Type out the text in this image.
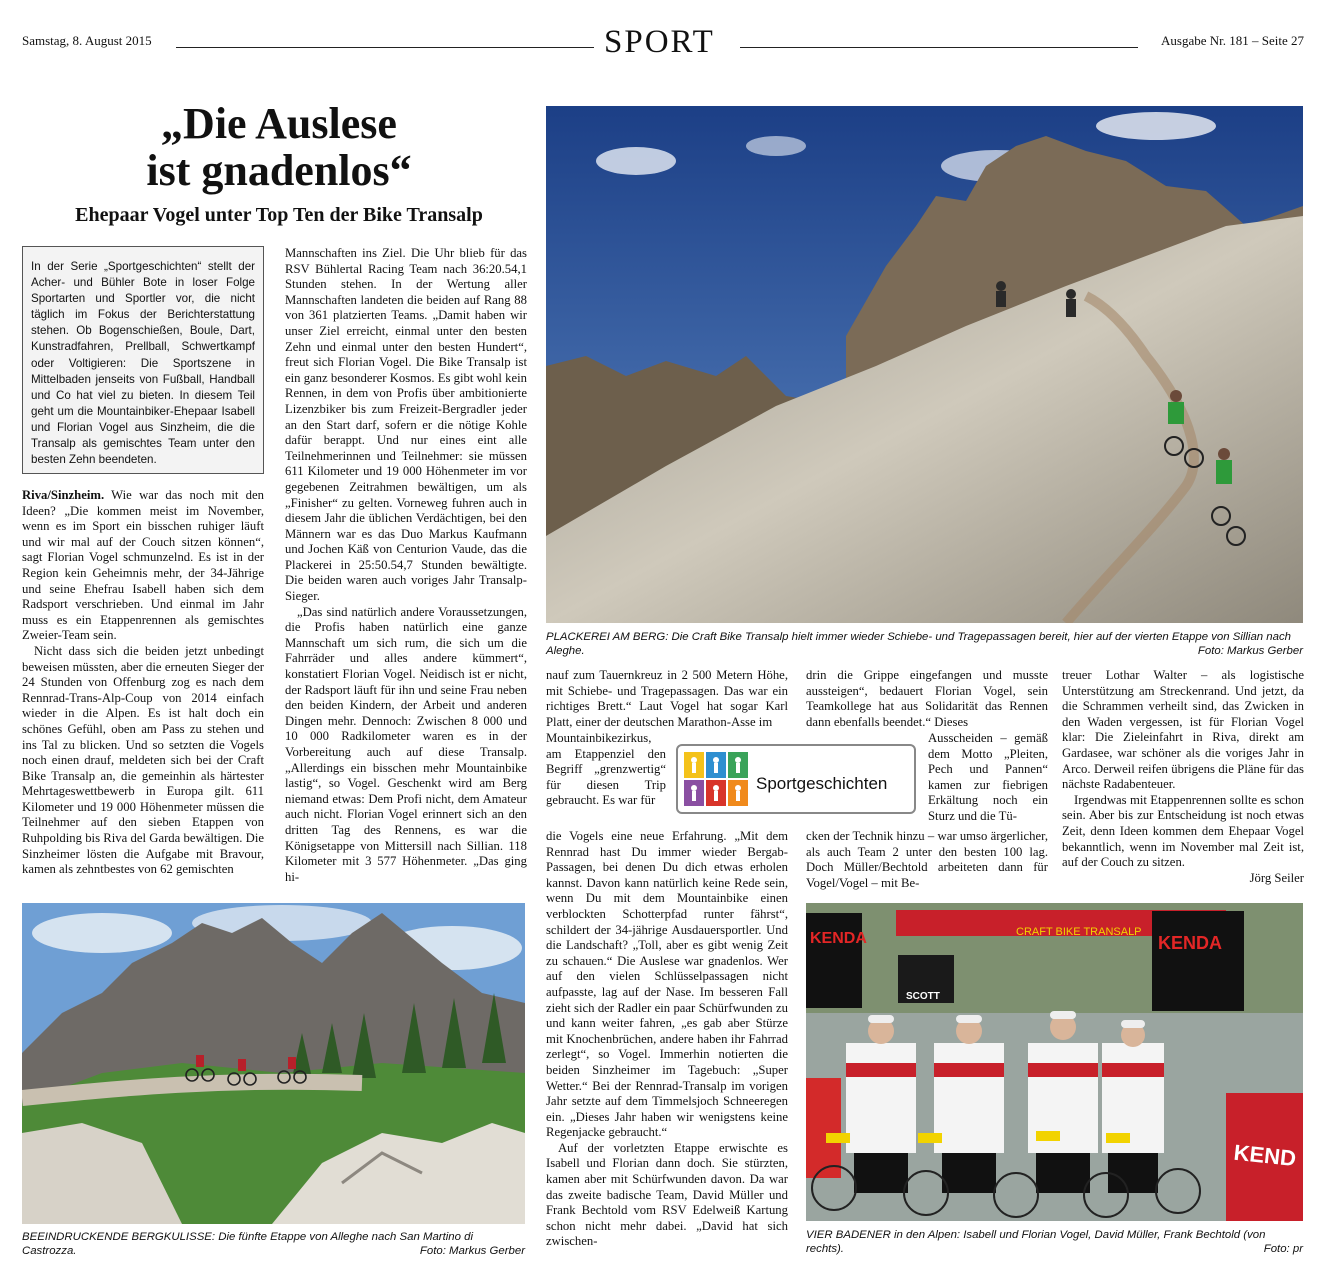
Samstag, 8. August 2015	SPORT	Ausgabe Nr. 181 – Seite 27
„Die Auslese
ist gnadenlos“
Ehepaar Vogel unter Top Ten der Bike Transalp
In der Serie „Sportgeschichten“ stellt der Acher- und Bühler Bote in loser Folge Sportarten und Sportler vor, die nicht täglich im Fokus der Berichterstattung stehen. Ob Bogenschießen, Boule, Dart, Kunstradfahren, Prellball, Schwertkampf oder Voltigieren: Die Sportszene in Mittelbaden jenseits von Fußball, Handball und Co hat viel zu bieten. In diesem Teil geht um die Mountainbiker-Ehepaar Isabell und Florian Vogel aus Sinzheim, die die Transalp als gemischtes Team unter den besten Zehn beendeten.

Riva/Sinzheim. Wie war das noch mit den Ideen? „Die kommen meist im November, wenn es im Sport ein bisschen ruhiger läuft und wir mal auf der Couch sitzen können“, sagt Florian Vogel schmunzelnd. Es ist in der Region kein Geheimnis mehr, der 34-Jährige und seine Ehefrau Isabell haben sich dem Radsport verschrieben. Und einmal im Jahr muss es ein Etappenrennen als gemischtes Zweier-Team sein.

Nicht dass sich die beiden jetzt unbedingt beweisen müssten, aber die erneuten Sieger der 24 Stunden von Offenburg zog es nach dem Rennrad-Trans-Alp-Coup von 2014 einfach wieder in die Alpen. Es ist halt doch ein schönes Gefühl, oben am Pass zu stehen und ins Tal zu blicken. Und so setzten die Vogels noch einen drauf, meldeten sich bei der Craft Bike Transalp an, die gemeinhin als härtester Mehrtageswettbewerb in Europa gilt. 611 Kilometer und 19 000 Höhenmeter müssen die Teilnehmer auf den sieben Etappen von Ruhpolding bis Riva del Garda bewältigen. Die Sinzheimer lösten die Aufgabe mit Bravour, kamen als zehntbestes von 62 gemischten

Mannschaften ins Ziel. Die Uhr blieb für das RSV Bühlertal Racing Team nach 36:20.54,1 Stunden stehen. In der Wertung aller Mannschaften landeten die beiden auf Rang 88 von 361 platzierten Teams. „Damit haben wir unser Ziel erreicht, einmal unter den besten Zehn und einmal unter den besten Hundert“, freut sich Florian Vogel. Die Bike Transalp ist ein ganz besonderer Kosmos. Es gibt wohl kein Rennen, in dem von Profis über ambitionierte Lizenzbiker bis zum Freizeit-Bergradler jeder an den Start darf, sofern er die nötige Kohle dafür berappt. Und nur eines eint alle Teilnehmerinnen und Teilnehmer: sie müssen 611 Kilometer und 19 000 Höhenmeter im vor gegebenen Zeitrahmen bewältigen, um als „Finisher“ zu gelten. Vorneweg fuhren auch in diesem Jahr die üblichen Verdächtigen, bei den Männern war es das Duo Markus Kaufmann und Jochen Käß von Centurion Vaude, das die Plackerei in 25:50.54,7 Stunden bewältigte. Die beiden waren auch voriges Jahr Transalp-Sieger.

„Das sind natürlich andere Voraussetzungen, die Profis haben natürlich eine ganze Mannschaft um sich rum, die sich um die Fahrräder und alles andere kümmert“, konstatiert Florian Vogel. Neidisch ist er nicht, der Radsport läuft für ihn und seine Frau neben den beiden Kindern, der Arbeit und anderen Dingen mehr. Dennoch: Zwischen 8 000 und 10 000 Radkilometer waren es in der Vorbereitung auch auf diese Transalp. „Allerdings ein bisschen mehr Mountainbike lastig“, so Vogel. Geschenkt wird am Berg niemand etwas: Dem Profi nicht, dem Amateur auch nicht. Florian Vogel erinnert sich an den dritten Tag des Rennens, es war die Königsetappe von Mittersill nach Sillian. 118 Kilometer mit 3 577 Höhenmeter. „Das ging hi-

PLACKEREI AM BERG: Die Craft Bike Transalp hielt immer wieder Schiebe- und Tragepassagen bereit, hier auf der vierten Etappe von Sillian nach Aleghe.	Foto: Markus Gerber
nauf zum Tauernkreuz in 2 500 Metern Höhe, mit Schiebe- und Tragepassagen. Das war ein richtiges Brett.“ Laut Vogel hat sogar Karl Platt, einer der deutschen Marathon-Asse im
Mountainbikezirkus, am Etappenziel den Begriff „grenzwertig“ für diesen Trip gebraucht. Es war für

die Vogels eine neue Erfahrung. „Mit dem Rennrad hast Du immer wieder Bergab-Passagen, bei denen Du dich etwas erholen kannst. Davon kann natürlich keine Rede sein, wenn Du mit dem Mountainbike einen verblockten Schotterpfad runter fährst“, schildert der 34-jährige Ausdauersportler. Und die Landschaft? „Toll, aber es gibt wenig Zeit zu schauen.“ Die Auslese war gnadenlos. Wer auf den vielen Schlüsselpassagen nicht aufpasste, lag auf der Nase. Im besseren Fall zieht sich der Radler ein paar Schürfwunden zu und kann weiter fahren, „es gab aber Stürze mit Knochenbrüchen, andere haben ihr Fahrrad zerlegt“, so Vogel. Immerhin notierten die beiden Sinzheimer im Tagebuch: „Super Wetter.“ Bei der Rennrad-Transalp im vorigen Jahr setzte auf dem Timmelsjoch Schneeregen ein. „Dieses Jahr haben wir wenigstens keine Regenjacke gebraucht.“

Auf der vorletzten Etappe erwischte es Isabell und Florian dann doch. Sie stürzten, kamen aber mit Schürfwunden davon. Da war das zweite badische Team, David Müller und Frank Bechtold vom RSV Edelweiß Kartung schon nicht mehr dabei. „David hat sich zwischen-

Sportgeschichten
drin die Grippe eingefangen und musste aussteigen“, bedauert Florian Vogel, sein Teamkollege hat aus Solidarität das Rennen dann ebenfalls beendet.“ Dieses
Ausscheiden – gemäß dem Motto „Pleiten, Pech und Pannen“ kamen zur fiebrigen Erkältung noch ein Sturz und die Tü-
cken der Technik hinzu – war umso ärgerlicher, als auch Team 2 unter den besten 100 lag. Doch Müller/Bechtold arbeiteten dann für Vogel/Vogel – mit Be-

treuer Lothar Walter – als logistische Unterstützung am Streckenrand. Und jetzt, da die Schrammen verheilt sind, das Zwicken in den Waden vergessen, ist für Florian Vogel klar: Die Zieleinfahrt in Riva, direkt am Gardasee, war schöner als die voriges Jahr in Arco. Derweil reifen übrigens die Pläne für das nächste Radabenteuer.

Irgendwas mit Etappenrennen sollte es schon sein. Aber bis zur Entscheidung ist noch etwas Zeit, denn Ideen kommen dem Ehepaar Vogel bekanntlich, wenn im November mal Zeit ist, auf der Couch zu sitzen.

Jörg Seiler
BEEINDRUCKENDE BERGKULISSE: Die fünfte Etappe von Alleghe nach San Martino di Castrozza.	Foto: Markus Gerber
CRAFT BIKE TRANSALP
KENDA	KENDA
SCOTT
KEND
VIER BADENER in den Alpen: Isabell und Florian Vogel, David Müller, Frank Bechtold (von rechts).	Foto: pr
